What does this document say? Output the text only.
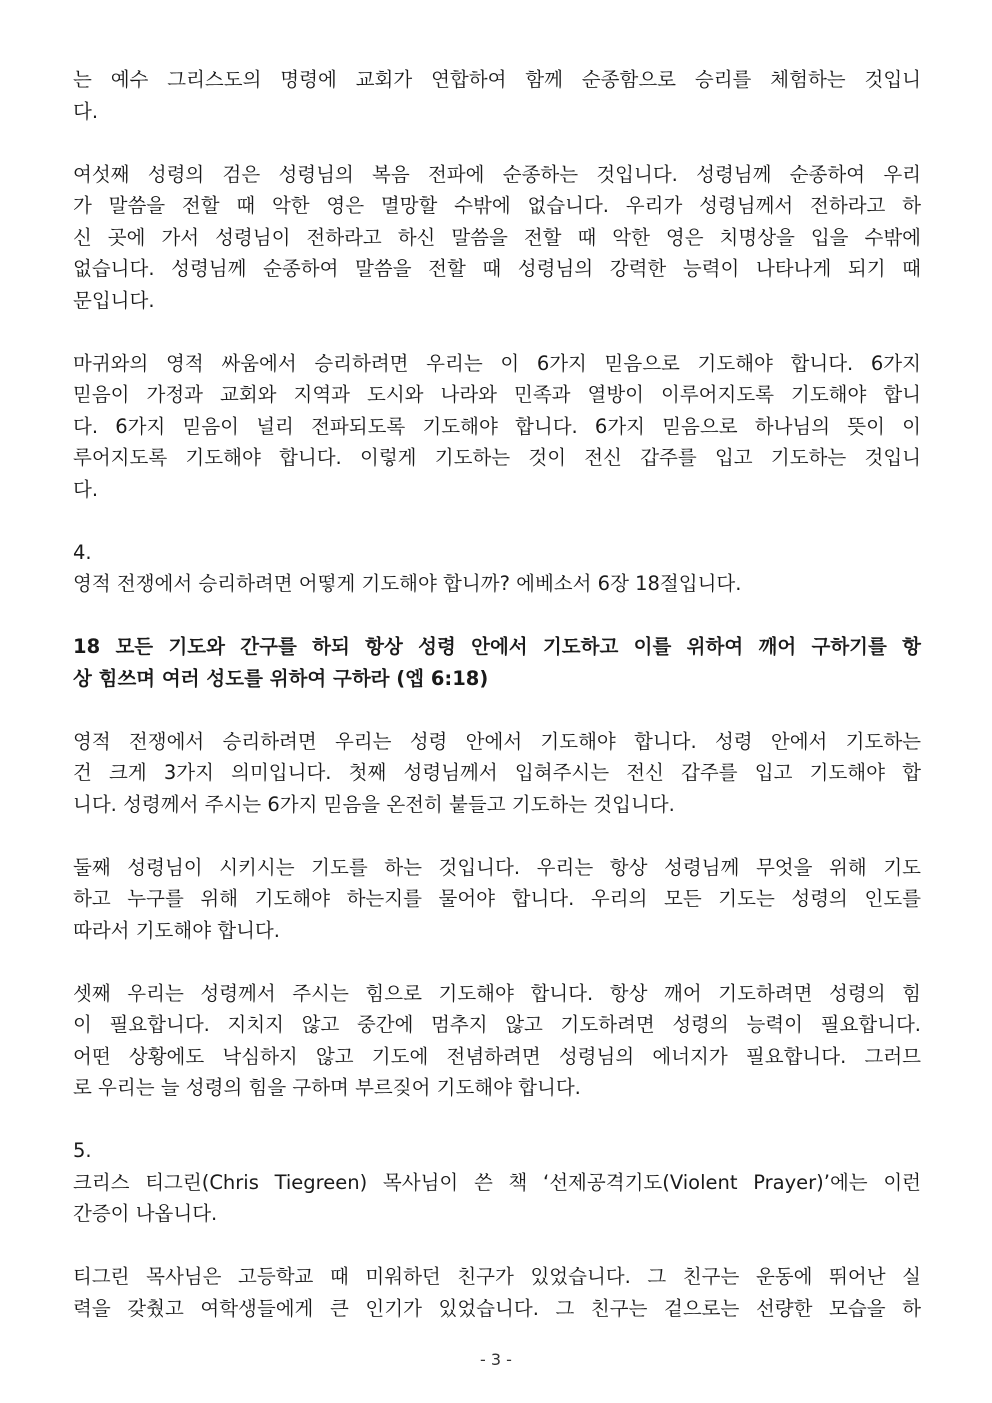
는 예수 그리스도의 명령에 교회가 연합하여 함께 순종함으로 승리를 체험하는 것입니
다.
여섯째 성령의 검은 성령님의 복음 전파에 순종하는 것입니다. 성령님께 순종하여 우리
가 말씀을 전할 때 악한 영은 멸망할 수밖에 없습니다. 우리가 성령님께서 전하라고 하
신 곳에 가서 성령님이 전하라고 하신 말씀을 전할 때 악한 영은 치명상을 입을 수밖에
없습니다. 성령님께 순종하여 말씀을 전할 때 성령님의 강력한 능력이 나타나게 되기 때
문입니다.
마귀와의 영적 싸움에서 승리하려면 우리는 이 6가지 믿음으로 기도해야 합니다. 6가지
믿음이 가정과 교회와 지역과 도시와 나라와 민족과 열방이 이루어지도록 기도해야 합니
다. 6가지 믿음이 널리 전파되도록 기도해야 합니다. 6가지 믿음으로 하나님의 뜻이 이
루어지도록 기도해야 합니다. 이렇게 기도하는 것이 전신 갑주를 입고 기도하는 것입니
다.
4.
영적 전쟁에서 승리하려면 어떻게 기도해야 합니까? 에베소서 6장 18절입니다.
18 모든 기도와 간구를 하되 항상 성령 안에서 기도하고 이를 위하여 깨어 구하기를 항
상 힘쓰며 여러 성도를 위하여 구하라 (엡 6:18)
영적 전쟁에서 승리하려면 우리는 성령 안에서 기도해야 합니다. 성령 안에서 기도하는
건 크게 3가지 의미입니다. 첫째 성령님께서 입혀주시는 전신 갑주를 입고 기도해야 합
니다. 성령께서 주시는 6가지 믿음을 온전히 붙들고 기도하는 것입니다.
둘째 성령님이 시키시는 기도를 하는 것입니다. 우리는 항상 성령님께 무엇을 위해 기도
하고 누구를 위해 기도해야 하는지를 물어야 합니다. 우리의 모든 기도는 성령의 인도를
따라서 기도해야 합니다.
셋째 우리는 성령께서 주시는 힘으로 기도해야 합니다. 항상 깨어 기도하려면 성령의 힘
이 필요합니다. 지치지 않고 중간에 멈추지 않고 기도하려면 성령의 능력이 필요합니다.
어떤 상황에도 낙심하지 않고 기도에 전념하려면 성령님의 에너지가 필요합니다. 그러므
로 우리는 늘 성령의 힘을 구하며 부르짖어 기도해야 합니다.
5.
크리스 티그린(Chris Tiegreen) 목사님이 쓴 책 ‘선제공격기도(Violent Prayer)’에는 이런
간증이 나옵니다.
티그린 목사님은 고등학교 때 미워하던 친구가 있었습니다. 그 친구는 운동에 뛰어난 실
력을 갖췄고 여학생들에게 큰 인기가 있었습니다. 그 친구는 겉으로는 선량한 모습을 하
- 3 -
